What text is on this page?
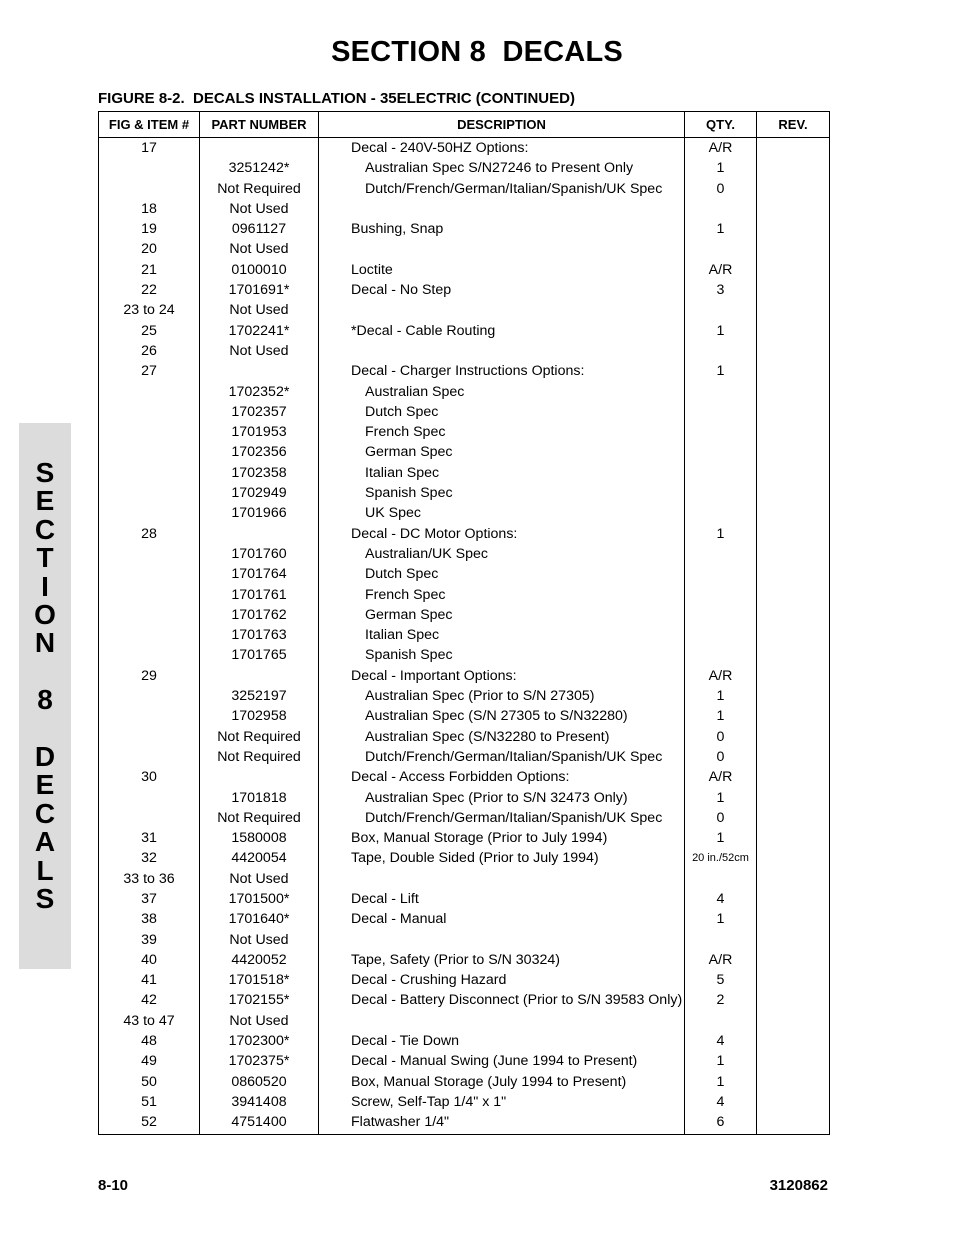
SECTION 8  DECALS
FIGURE 8-2.  DECALS INSTALLATION - 35ELECTRIC (CONTINUED)
S
E
C
T
I
O
N

8

D
E
C
A
L
S
FIG & ITEM #	PART NUMBER	DESCRIPTION	QTY.	REV.
17		Decal - 240V-50HZ Options:	A/R	
	3251242*	Australian Spec S/N27246 to Present Only	1	
	Not Required	Dutch/French/German/Italian/Spanish/UK Spec	0	
18	Not Used			
19	0961127	Bushing, Snap	1	
20	Not Used			
21	0100010	Loctite	A/R	
22	1701691*	Decal - No Step	3	
23 to 24	Not Used			
25	1702241*	*Decal - Cable Routing	1	
26	Not Used			
27		Decal - Charger Instructions Options:	1	
	1702352*	Australian Spec		
	1702357	Dutch Spec		
	1701953	French Spec		
	1702356	German Spec		
	1702358	Italian Spec		
	1702949	Spanish Spec		
	1701966	UK Spec		
28		Decal - DC Motor Options:	1	
	1701760	Australian/UK Spec		
	1701764	Dutch Spec		
	1701761	French Spec		
	1701762	German Spec		
	1701763	Italian Spec		
	1701765	Spanish Spec		
29		Decal - Important Options:	A/R	
	3252197	Australian Spec (Prior to S/N 27305)	1	
	1702958	Australian Spec (S/N 27305 to S/N32280)	1	
	Not Required	Australian Spec (S/N32280 to Present)	0	
	Not Required	Dutch/French/German/Italian/Spanish/UK Spec	0	
30		Decal - Access Forbidden Options:	A/R	
	1701818	Australian Spec (Prior to S/N 32473 Only)	1	
	Not Required	Dutch/French/German/Italian/Spanish/UK Spec	0	
31	1580008	Box, Manual Storage (Prior to July 1994)	1	
32	4420054	Tape, Double Sided (Prior to July 1994)	20 in./52cm	
33 to 36	Not Used			
37	1701500*	Decal - Lift	4	
38	1701640*	Decal - Manual	1	
39	Not Used			
40	4420052	Tape, Safety (Prior to S/N 30324)	A/R	
41	1701518*	Decal - Crushing Hazard	5	
42	1702155*	Decal - Battery Disconnect (Prior to S/N 39583 Only)	2	
43 to 47	Not Used			
48	1702300*	Decal - Tie Down	4	
49	1702375*	Decal - Manual Swing (June 1994 to Present)	1	
50	0860520	Box, Manual Storage (July 1994 to Present)	1	
51	3941408	Screw, Self-Tap 1/4" x 1"	4	
52	4751400	Flatwasher 1/4"	6	
8-10	3120862
